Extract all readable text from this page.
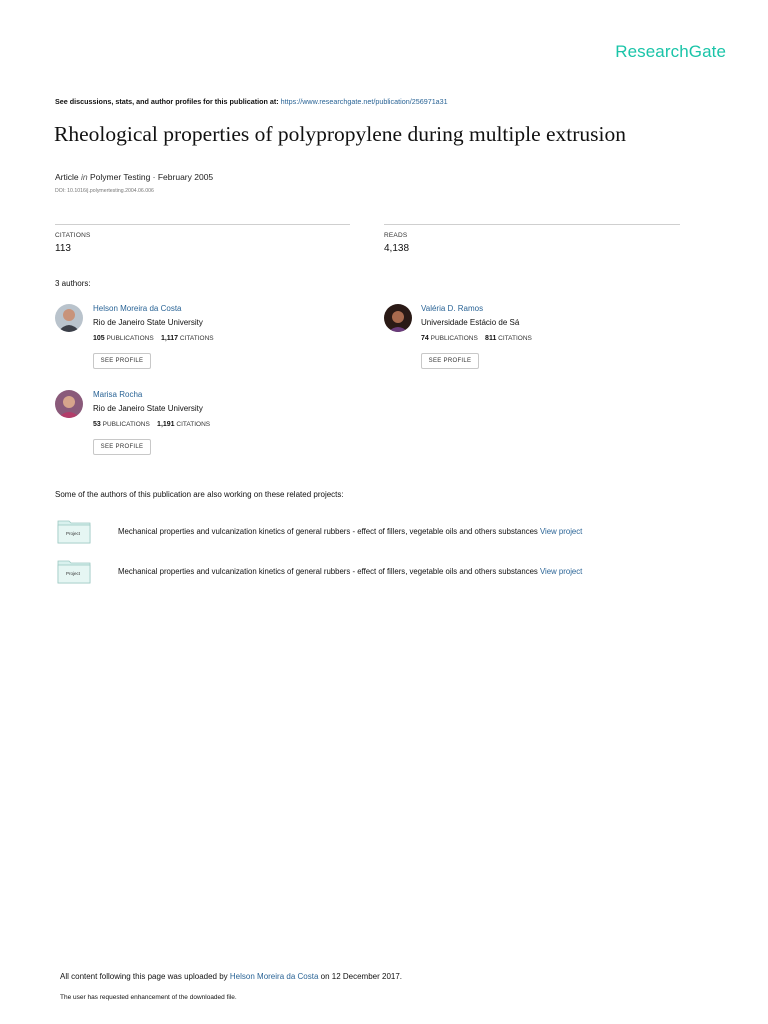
ResearchGate
See discussions, stats, and author profiles for this publication at: https://www.researchgate.net/publication/256971a31
Rheological properties of polypropylene during multiple extrusion
Article in Polymer Testing · February 2005
DOI: 10.1016/j.polymertesting.2004.06.006
CITATIONS
113
READS
4,138
3 authors:
Helson Moreira da Costa
Rio de Janeiro State University
105 PUBLICATIONS 1,117 CITATIONS
SEE PROFILE
Valéria D. Ramos
Universidade Estácio de Sá
74 PUBLICATIONS 811 CITATIONS
SEE PROFILE
Marisa Rocha
Rio de Janeiro State University
53 PUBLICATIONS 1,191 CITATIONS
SEE PROFILE
Some of the authors of this publication are also working on these related projects:
Project	Mechanical properties and vulcanization kinetics of general rubbers - effect of fillers, vegetable oils and others substances View project
Project	Mechanical properties and vulcanization kinetics of general rubbers - effect of fillers, vegetable oils and others substances View project
All content following this page was uploaded by Helson Moreira da Costa on 12 December 2017.
The user has requested enhancement of the downloaded file.
